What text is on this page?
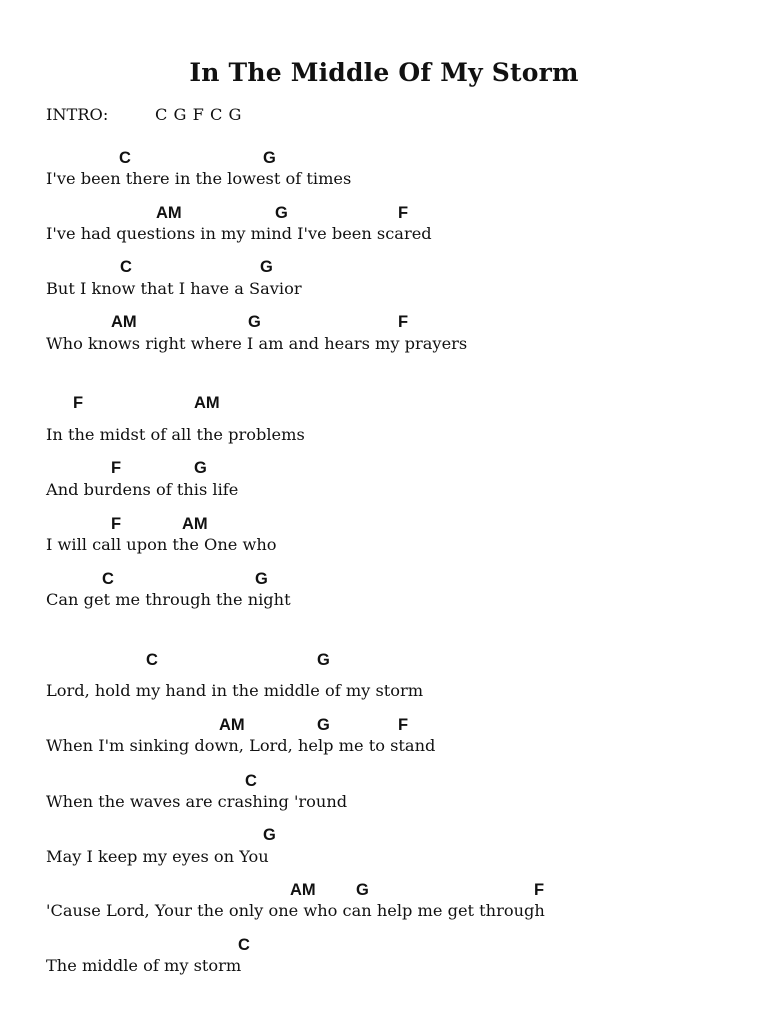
In The Middle Of My Storm
INTRO:	C G F C G
C	G
I've been there in the lowest of times
AM	G	F
I've had questions in my mind I've been scared
C	G
But I know that I have a Savior
AM	G	F
Who knows right where I am and hears my prayers
F	AM
In the midst of all the problems
F	G
And burdens of this life
F	AM
I will call upon the One who
C	G
Can get me through the night
C	G
Lord, hold my hand in the middle of my storm
AM	G	F
When I'm sinking down, Lord, help me to stand
C
When the waves are crashing 'round
G
May I keep my eyes on You
AM G	F
'Cause Lord, Your the only one who can help me get through
C
The middle of my storm
